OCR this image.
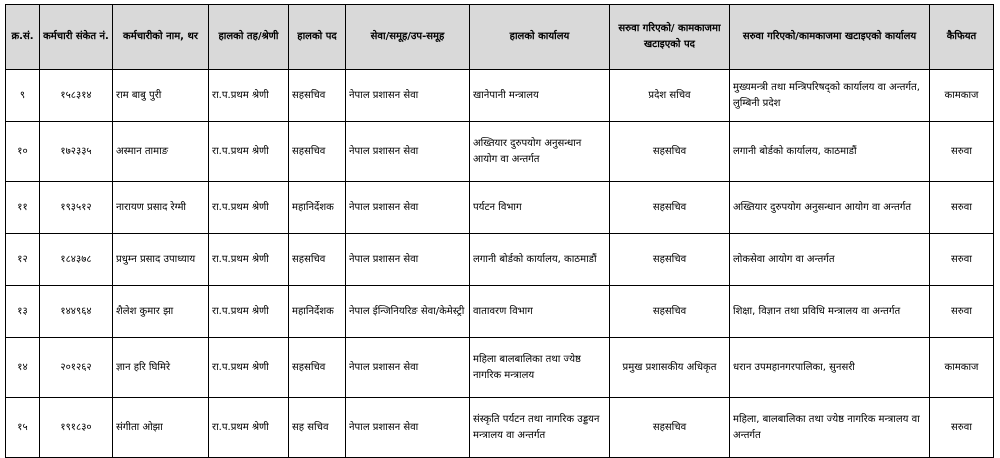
क्र.सं.	कर्मचारी संकेत नं.	कर्मचारीको नाम, थर	हालको तह/श्रेणी	हालको पद	सेवा/समूह/उप-समूह	हालको कार्यालय	सरुवा गरिएको/ कामकाजमा खटाइएको पद	सरुवा गरिएको/कामकाजमा खटाइएको कार्यालय	कैफियत
९	१५८३१४	राम बाबु पुरी	रा.प.प्रथम श्रेणी	सहसचिव	नेपाल प्रशासन सेवा	खानेपानी मन्त्रालय	प्रदेश सचिव	मुख्यमन्त्री तथा मन्त्रिपरिषद्को कार्यालय वा अन्तर्गत, लुम्बिनी प्रदेश	कामकाज
१०	१७२३३५	अस्मान तामाङ	रा.प.प्रथम श्रेणी	सहसचिव	नेपाल प्रशासन सेवा	अख्तियार दुरुपयोग अनुसन्धान आयोग वा अन्तर्गत	सहसचिव	लगानी बोर्डको कार्यालय, काठमाडौं	सरुवा
११	१९३५१२	नारायण प्रसाद रेग्मी	रा.प.प्रथम श्रेणी	महानिर्देशक	नेपाल प्रशासन सेवा	पर्यटन विभाग	सहसचिव	अख्तियार दुरुपयोग अनुसन्धान आयोग वा अन्तर्गत	सरुवा
१२	१८४३७८	प्रधुम्न प्रसाद उपाध्याय	रा.प.प्रथम श्रेणी	सहसचिव	नेपाल प्रशासन सेवा	लगानी बोर्डको कार्यालय, काठमाडौं	सहसचिव	लोकसेवा आयोग वा अन्तर्गत	सरुवा
१३	१४४९६४	शैलेश कुमार झा	रा.प.प्रथम श्रेणी	महानिर्देशक	नेपाल ईन्जिनियरिङ सेवा/केमेस्ट्री	वातावरण विभाग	सहसचिव	शिक्षा, विज्ञान तथा प्रविधि मन्त्रालय वा अन्तर्गत	सरुवा
१४	२०१२६२	ज्ञान हरि घिमिरे	रा.प.प्रथम श्रेणी	सहसचिव	नेपाल प्रशासन सेवा	महिला बालबालिका तथा ज्येष्ठ नागरिक मन्त्रालय	प्रमुख प्रशासकीय अधिकृत	धरान उपमहानगरपालिका, सुनसरी	कामकाज
१५	१९१८३०	संगीता ओझा	रा.प.प्रथम श्रेणी	सह सचिव	नेपाल प्रशासन सेवा	संस्कृति पर्यटन तथा नागरिक उड्डयन मन्त्रालय वा अन्तर्गत	सहसचिव	महिला, बालबालिका तथा ज्येष्ठ नागरिक मन्त्रालय वा अन्तर्गत	सरुवा
